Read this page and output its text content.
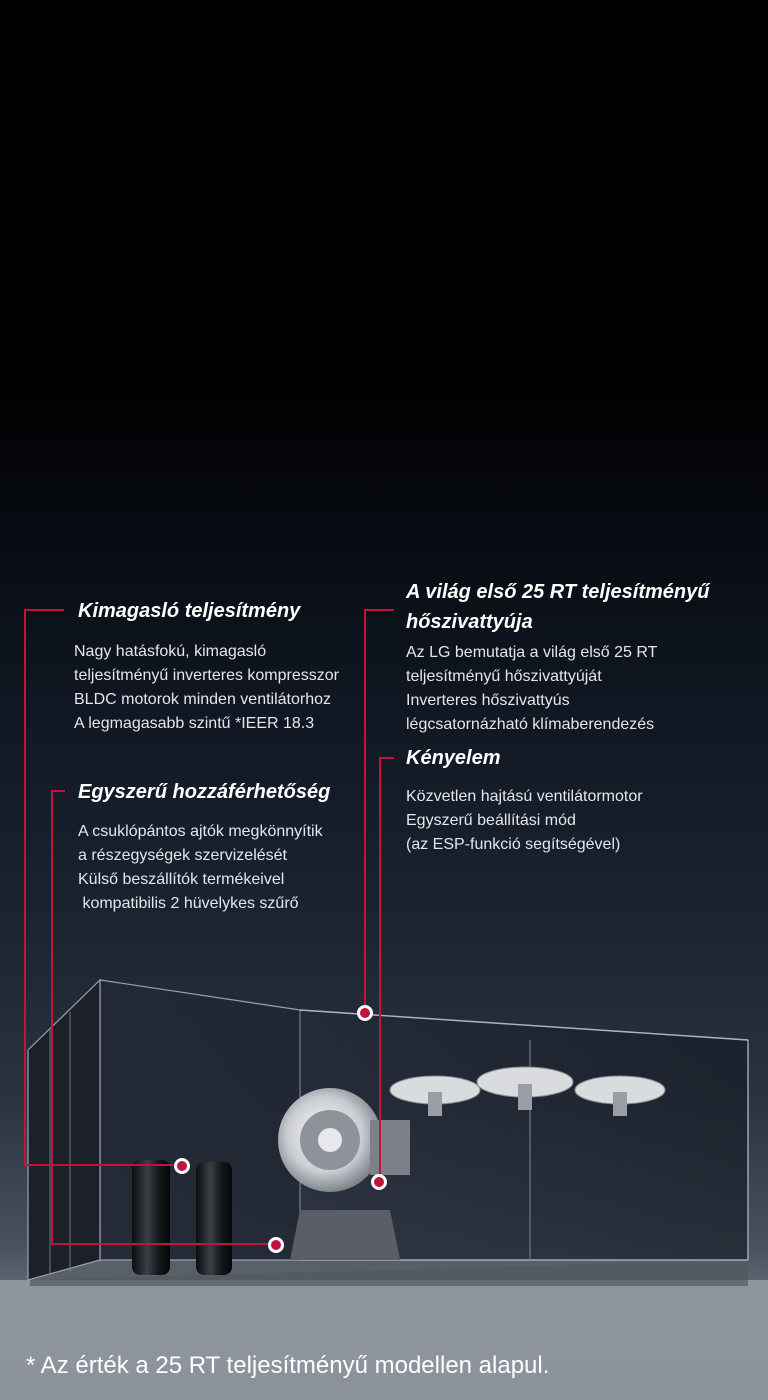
Kimagasló teljesítmény
Nagy hatásfokú, kimagasló
teljesítményű inverteres kompresszor
BLDC motorok minden ventilátorhoz
A legmagasabb szintű *IEER 18.3
Egyszerű hozzáférhetőség
A csuklópántos ajtók megkönnyítik
a részegységek szervizelését
Külső beszállítók termékeivel
kompatibilis 2 hüvelykes szűrő
A világ első 25 RT teljesítményű
hőszivattyúja
Az LG bemutatja a világ első 25 RT
teljesítményű hőszivattyúját
Inverteres hőszivattyús
légcsatornázható klímaberendezés
Kényelem
Közvetlen hajtású ventilátormotor
Egyszerű beállítási mód
(az ESP-funkció segítségével)
* Az érték a 25 RT teljesítményű modellen alapul.
